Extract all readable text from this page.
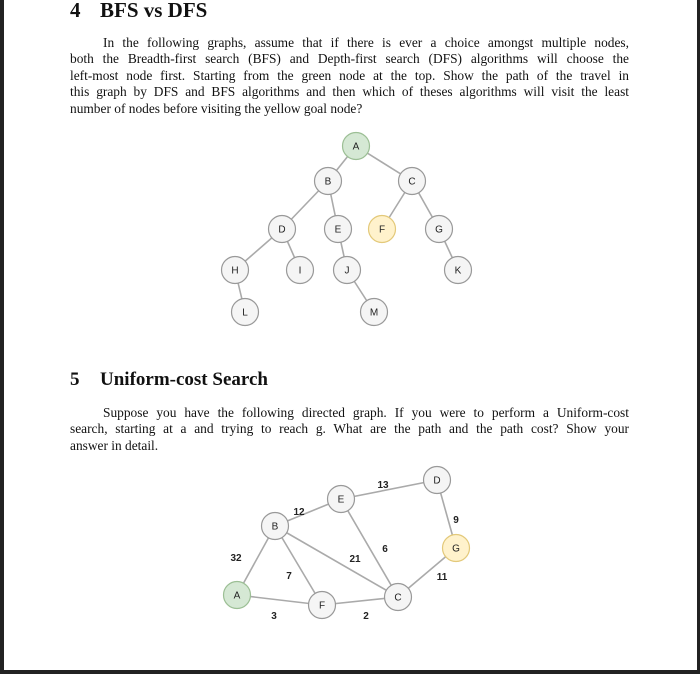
4 BFS vs DFS
In the following graphs, assume that if there is ever a choice amongst multiple nodes,
both the Breadth-first search (BFS) and Depth-first search (DFS) algorithms will choose the
left-most node first. Starting from the green node at the top. Show the path of the travel in
this graph by DFS and BFS algorithms and then which of theses algorithms will visit the least
number of nodes before visiting the yellow goal node?
5 Uniform-cost Search
Suppose you have the following directed graph. If you were to perform a Uniform-cost
search, starting at a and trying to reach g. What are the path and the path cost? Show your
answer in detail.
A
B	C
D	E	F	G
H	I	J	K
L	M
32
12
13
9
21
6
7	11
3	2
A
B
E
D
G
C
F
